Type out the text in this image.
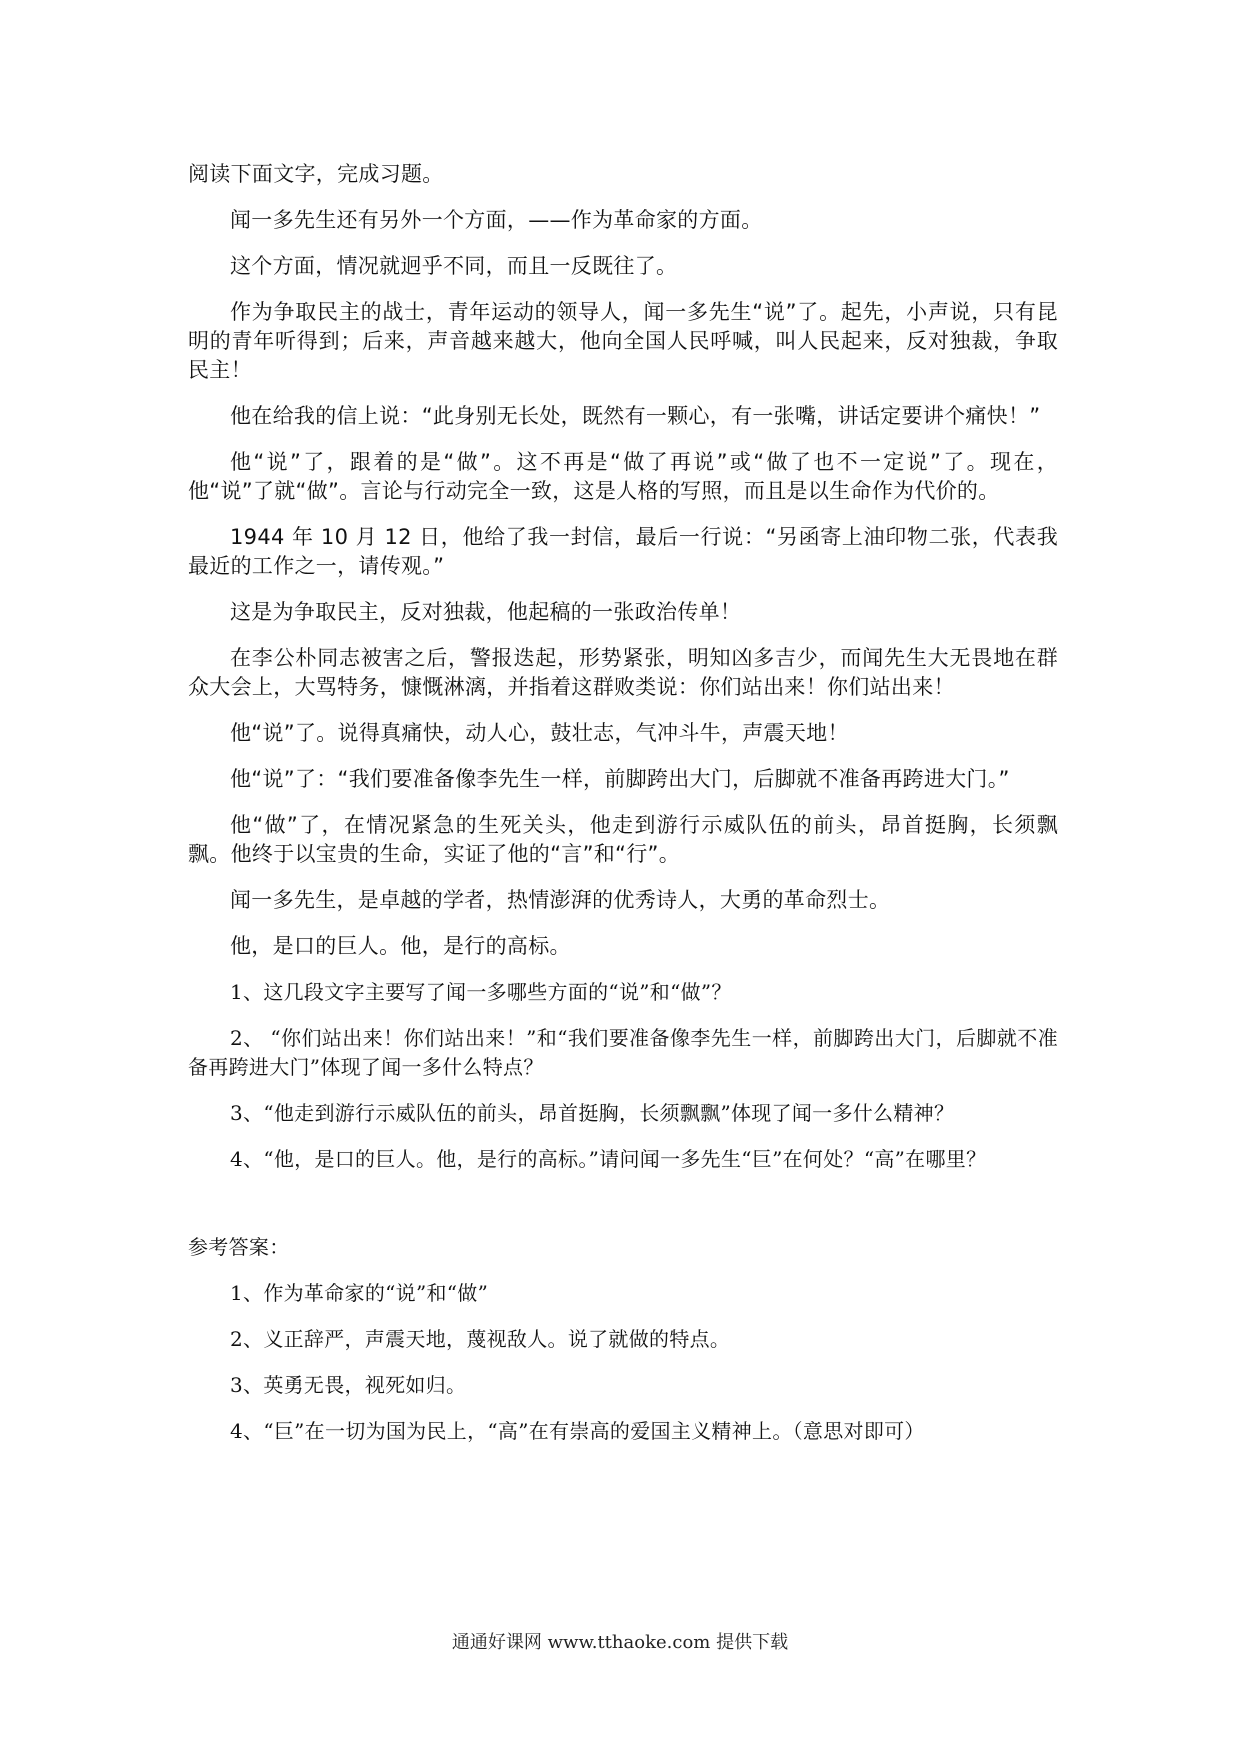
阅读下面文字，完成习题。

闻一多先生还有另外一个方面，——作为革命家的方面。

这个方面，情况就迥乎不同，而且一反既往了。

作为争取民主的战士，青年运动的领导人，闻一多先生“说”了。起先，小声说，只有昆明的青年听得到；后来，声音越来越大，他向全国人民呼喊，叫人民起来，反对独裁，争取民主！

他在给我的信上说：“此身别无长处，既然有一颗心，有一张嘴，讲话定要讲个痛快！”

他“说”了，跟着的是“做”。这不再是“做了再说”或“做了也不一定说”了。现在，他“说”了就“做”。言论与行动完全一致，这是人格的写照，而且是以生命作为代价的。

1944 年 10 月 12 日，他给了我一封信，最后一行说：“另函寄上油印物二张，代表我最近的工作之一，请传观。”

这是为争取民主，反对独裁，他起稿的一张政治传单！

在李公朴同志被害之后，警报迭起，形势紧张，明知凶多吉少，而闻先生大无畏地在群众大会上，大骂特务，慷慨淋漓，并指着这群败类说：你们站出来！你们站出来！

他“说”了。说得真痛快，动人心，鼓壮志，气冲斗牛，声震天地！

他“说”了：“我们要准备像李先生一样，前脚跨出大门，后脚就不准备再跨进大门。”

他“做”了，在情况紧急的生死关头，他走到游行示威队伍的前头，昂首挺胸，长须飘飘。他终于以宝贵的生命，实证了他的“言”和“行”。

闻一多先生，是卓越的学者，热情澎湃的优秀诗人，大勇的革命烈士。

他，是口的巨人。他，是行的高标。

1、这几段文字主要写了闻一多哪些方面的“说”和“做”？

2、 “你们站出来！你们站出来！”和“我们要准备像李先生一样，前脚跨出大门，后脚就不准备再跨进大门”体现了闻一多什么特点？

3、“他走到游行示威队伍的前头，昂首挺胸，长须飘飘”体现了闻一多什么精神？

4、“他，是口的巨人。他，是行的高标。”请问闻一多先生“巨”在何处？“高”在哪里？

参考答案：

1、作为革命家的“说”和“做”

2、义正辞严，声震天地，蔑视敌人。说了就做的特点。

3、英勇无畏，视死如归。

4、“巨”在一切为国为民上，“高”在有崇高的爱国主义精神上。（意思对即可）

通通好课网 www.tthaoke.com 提供下载
